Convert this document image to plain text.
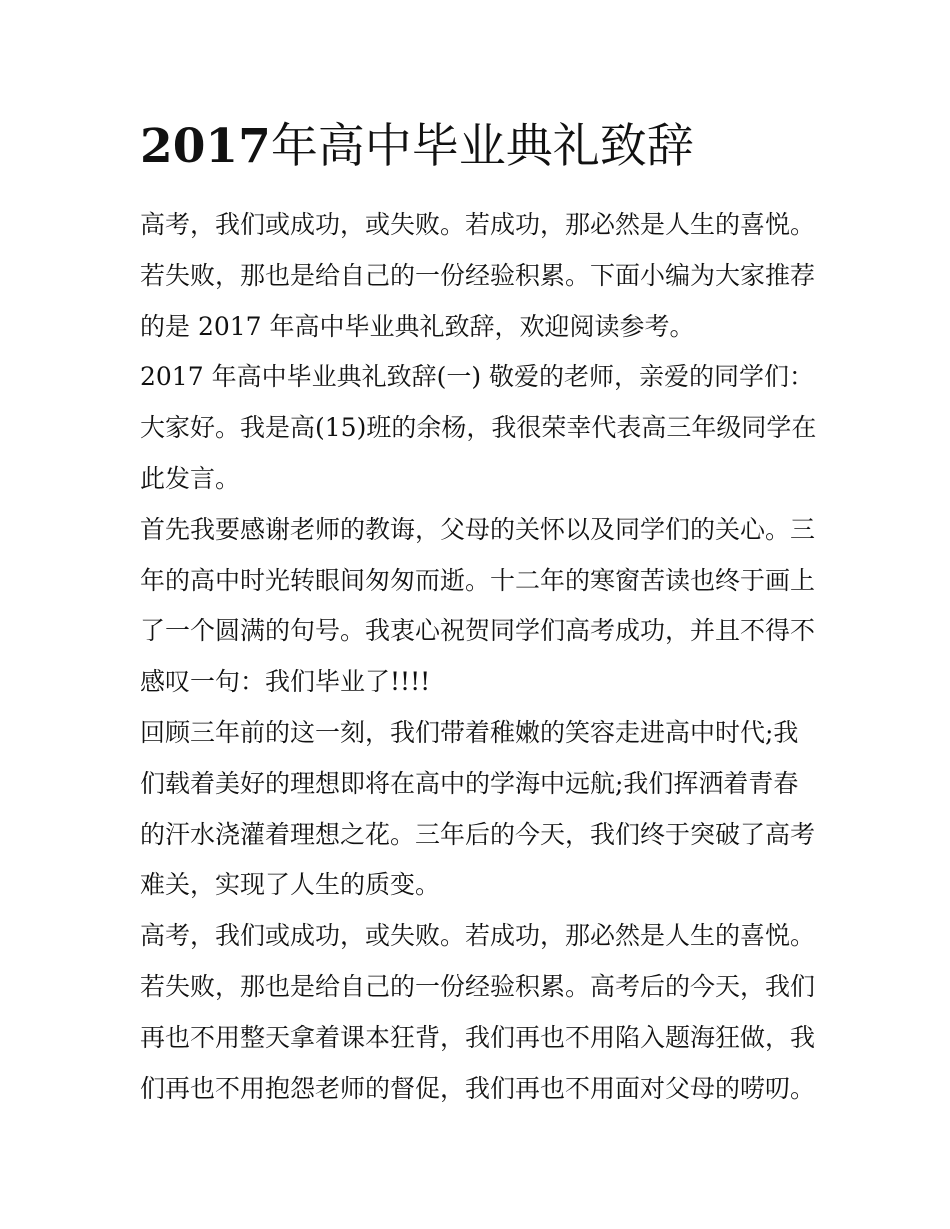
2017年高中毕业典礼致辞

高考，我们或成功，或失败。若成功，那必然是人生的喜悦。

若失败，那也是给自己的一份经验积累。下面小编为大家推荐

的是 2017 年高中毕业典礼致辞，欢迎阅读参考。

2017 年高中毕业典礼致辞(一) 敬爱的老师，亲爱的同学们：

大家好。我是高(15)班的余杨，我很荣幸代表高三年级同学在

此发言。

首先我要感谢老师的教诲，父母的关怀以及同学们的关心。三

年的高中时光转眼间匆匆而逝。十二年的寒窗苦读也终于画上

了一个圆满的句号。我衷心祝贺同学们高考成功，并且不得不

感叹一句：我们毕业了!!!!

回顾三年前的这一刻，我们带着稚嫩的笑容走进高中时代;我

们载着美好的理想即将在高中的学海中远航;我们挥洒着青春

的汗水浇灌着理想之花。三年后的今天，我们终于突破了高考

难关，实现了人生的质变。

高考，我们或成功，或失败。若成功，那必然是人生的喜悦。

若失败，那也是给自己的一份经验积累。高考后的今天，我们

再也不用整天拿着课本狂背，我们再也不用陷入题海狂做，我

们再也不用抱怨老师的督促，我们再也不用面对父母的唠叨。
